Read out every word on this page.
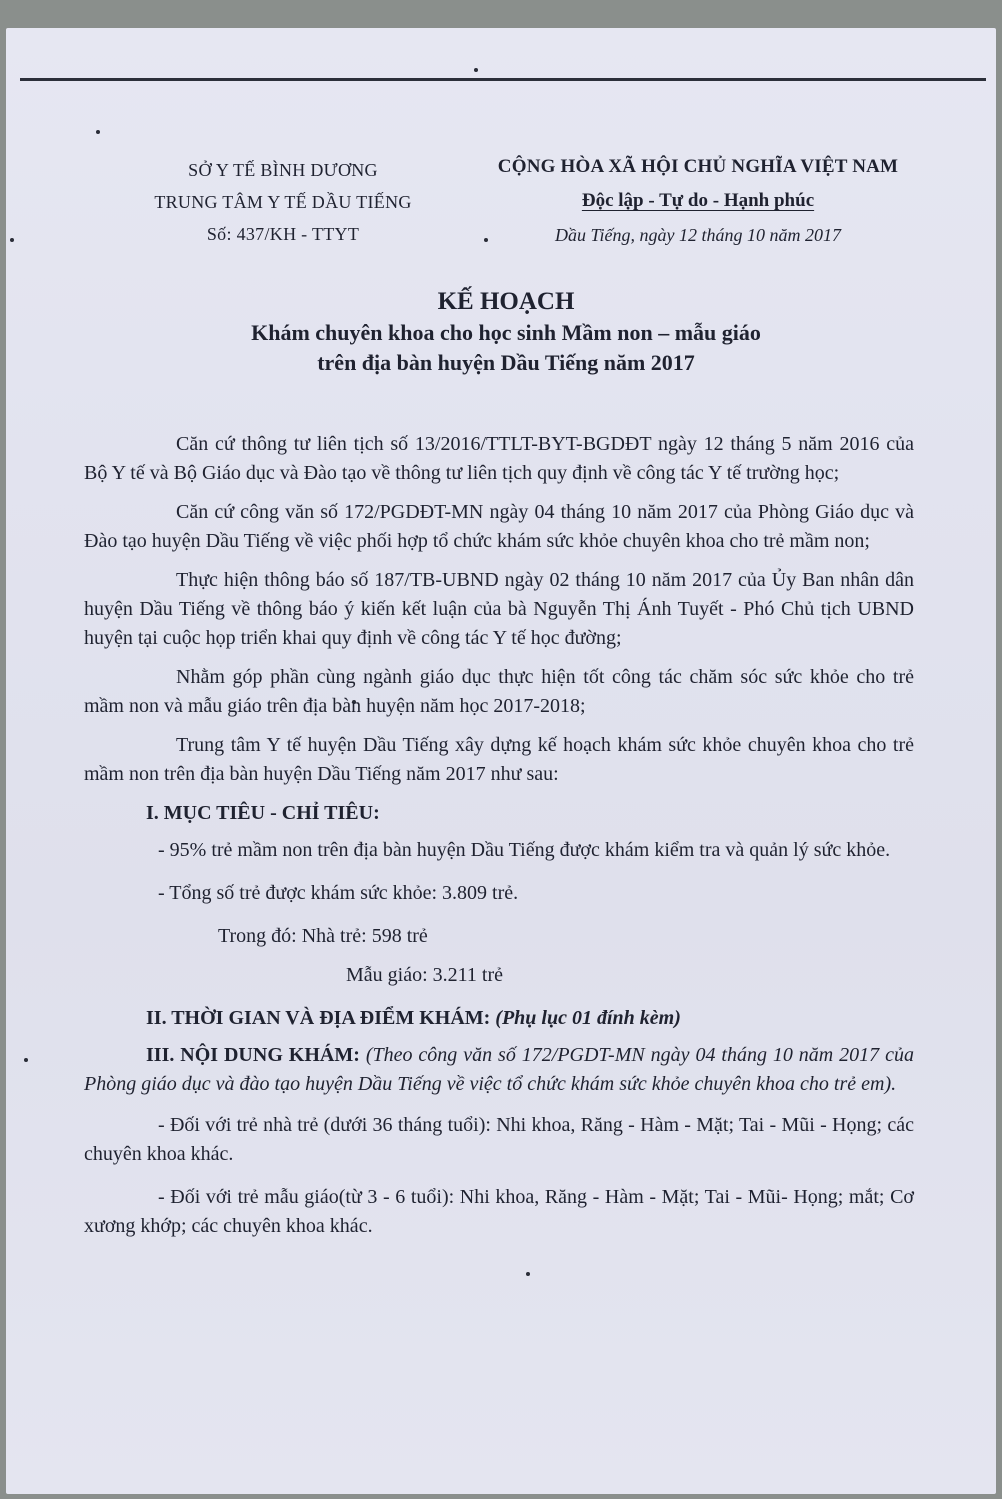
SỞ Y TẾ BÌNH DƯƠNG
TRUNG TÂM Y TẾ DẦU TIẾNG
Số: 437/KH - TTYT
CỘNG HÒA XÃ HỘI CHỦ NGHĨA VIỆT NAM
Độc lập - Tự do - Hạnh phúc
Dầu Tiếng, ngày 12 tháng 10 năm 2017
KẾ HOẠCH
Khám chuyên khoa cho học sinh Mầm non – mẫu giáo
trên địa bàn huyện Dầu Tiếng năm 2017

Căn cứ thông tư liên tịch số 13/2016/TTLT-BYT-BGDĐT ngày 12 tháng 5 năm 2016 của Bộ Y tế và Bộ Giáo dục và Đào tạo về thông tư liên tịch quy định về công tác Y tế trường học;

Căn cứ công văn số 172/PGDĐT-MN ngày 04 tháng 10 năm 2017 của Phòng Giáo dục và Đào tạo huyện Dầu Tiếng về việc phối hợp tổ chức khám sức khỏe chuyên khoa cho trẻ mầm non;

Thực hiện thông báo số 187/TB-UBND ngày 02 tháng 10 năm 2017 của Ủy Ban nhân dân huyện Dầu Tiếng về thông báo ý kiến kết luận của bà Nguyễn Thị Ánh Tuyết - Phó Chủ tịch UBND huyện tại cuộc họp triển khai quy định về công tác Y tế học đường;

Nhằm góp phần cùng ngành giáo dục thực hiện tốt công tác chăm sóc sức khỏe cho trẻ mầm non và mẫu giáo trên địa bàn huyện năm học 2017-2018;

Trung tâm Y tế huyện Dầu Tiếng xây dựng kế hoạch khám sức khỏe chuyên khoa cho trẻ mầm non trên địa bàn huyện Dầu Tiếng năm 2017 như sau:

I. MỤC TIÊU - CHỈ TIÊU:

- 95% trẻ mầm non trên địa bàn huyện Dầu Tiếng được khám kiểm tra và quản lý sức khỏe.

- Tổng số trẻ được khám sức khỏe: 3.809 trẻ.

Trong đó: Nhà trẻ: 598 trẻ

Mẫu giáo: 3.211 trẻ

II. THỜI GIAN VÀ ĐỊA ĐIỂM KHÁM: (Phụ lục 01 đính kèm)

III. NỘI DUNG KHÁM: (Theo công văn số 172/PGDT-MN ngày 04 tháng 10 năm 2017 của Phòng giáo dục và đào tạo huyện Dầu Tiếng về việc tổ chức khám sức khỏe chuyên khoa cho trẻ em).

- Đối với trẻ nhà trẻ (dưới 36 tháng tuổi): Nhi khoa, Răng - Hàm - Mặt; Tai - Mũi - Họng; các chuyên khoa khác.

- Đối với trẻ mẫu giáo(từ 3 - 6 tuổi): Nhi khoa, Răng - Hàm - Mặt; Tai - Mũi- Họng; mắt; Cơ xương khớp; các chuyên khoa khác.
